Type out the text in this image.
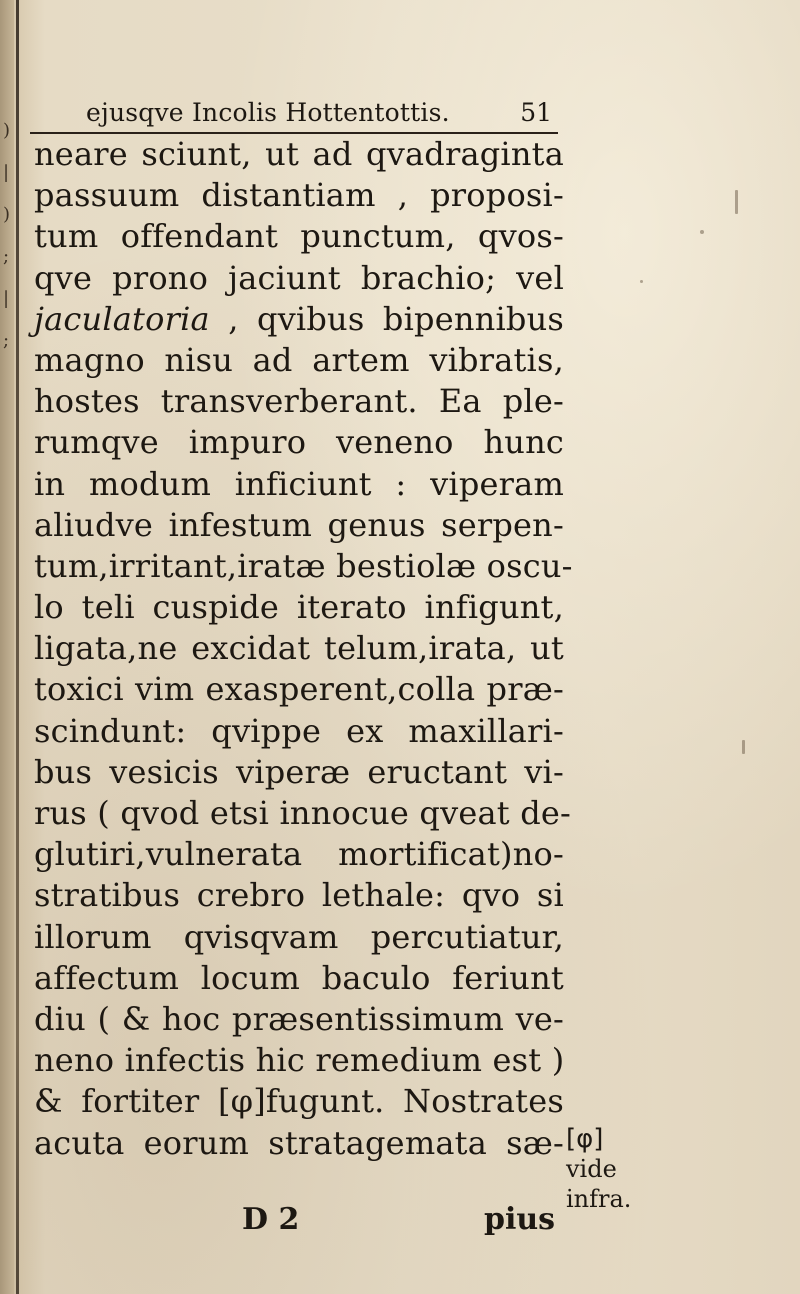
)
|
)
;
|
;
ejusqve Incolis Hottentottis.	51
neare sciunt, ut ad qvadraginta
passuum distantiam , proposi-
tum offendant punctum, qvos-
qve prono jaciunt brachio; vel
jaculatoria , qvibus bipennibus
magno nisu ad artem vibratis,
hostes transverberant. Ea ple-
rumqve impuro veneno hunc
in modum inficiunt : viperam
aliudve infestum genus serpen-
tum,irritant,iratæ bestiolæ oscu-
lo teli cuspide iterato infigunt,
ligata,ne excidat telum,irata, ut
toxici vim exasperent,colla præ-
scindunt: qvippe ex maxillari-
bus vesicis viperæ eructant vi-
rus ( qvod etsi innocue qveat de-
glutiri,vulnerata mortificat)no-
stratibus crebro lethale: qvo si
illorum qvisqvam percutiatur,
affectum locum baculo feriunt
diu ( & hoc præsentissimum ve-
neno infectis hic remedium est )
& fortiter [φ]fugunt. Nostrates
acuta eorum stratagemata sæ-
D 2	pius
[φ]
vide
infra.
